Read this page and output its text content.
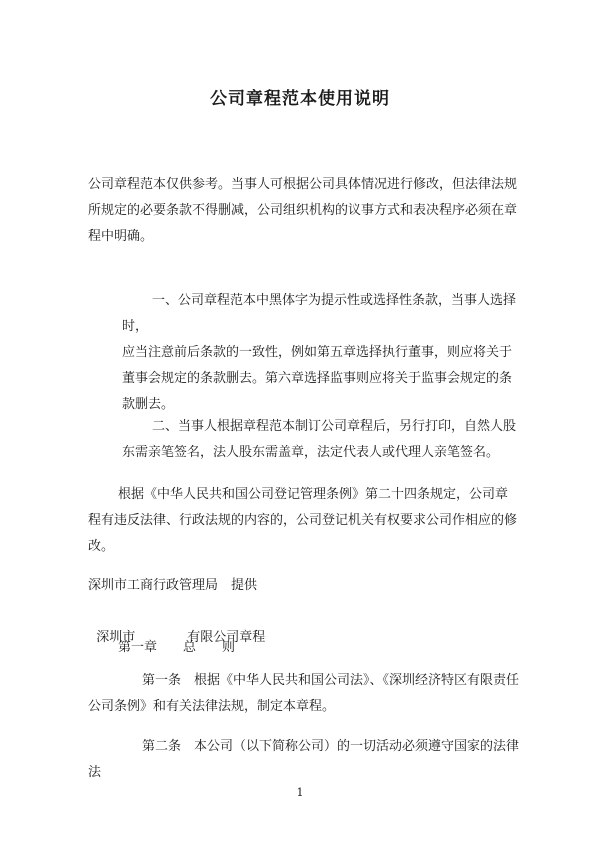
公司章程范本使用说明

公司章程范本仅供参考。当事人可根据公司具体情况进行修改，但法律法规所规定的必要条款不得删减，公司组织机构的议事方式和表决程序必须在章程中明确。

一、公司章程范本中黑体字为提示性或选择性条款，当事人选择时，
应当注意前后条款的一致性，例如第五章选择执行董事，则应将关于董事会规定的条款删去。第六章选择监事则应将关于监事会规定的条款删去。

二、当事人根据章程范本制订公司章程后，另行打印，自然人股东需亲笔签名，法人股东需盖章，法定代表人或代理人亲笔签名。

根据《中华人民共和国公司登记管理条例》第二十四条规定，公司章程有违反法律、行政法规的内容的，公司登记机关有权要求公司作相应的修改。

深圳市工商行政管理局　提供

深圳市	有限公司章程

第一章　　总　　则

第一条　根据《中华人民共和国公司法》、《深圳经济特区有限责任公司条例》和有关法律法规，制定本章程。

第二条　本公司（以下简称公司）的一切活动必须遵守国家的法律法

1
